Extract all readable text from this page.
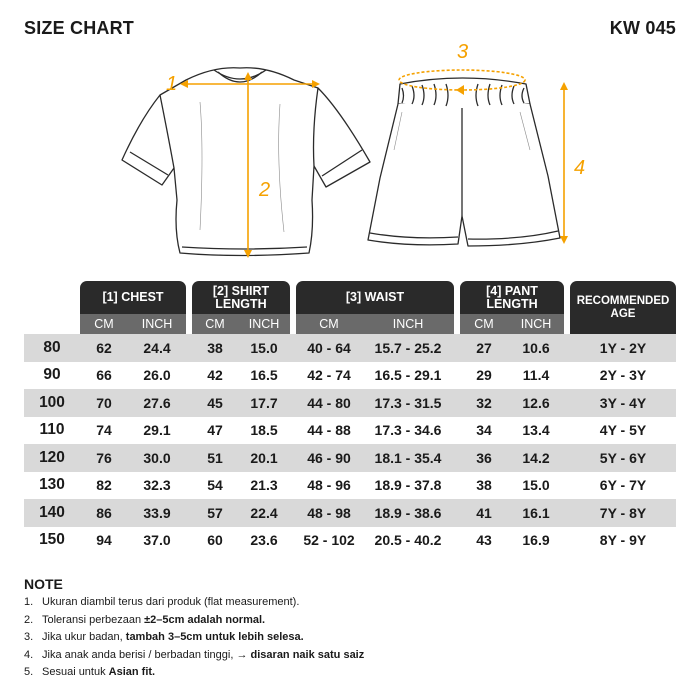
SIZE CHART	KW 045
1
2
3
4
	[1] CHEST			[2] SHIRT
LENGTH			[3] WAIST			[4] PANT
LENGTH			RECOMMENDED
AGE
	CM	INCH		CM	INCH		CM	INCH		CM	INCH		
80	62	24.4		38	15.0		40 - 64	15.7 - 25.2		27	10.6		1Y - 2Y
90	66	26.0		42	16.5		42 - 74	16.5 - 29.1		29	11.4		2Y - 3Y
100	70	27.6		45	17.7		44 - 80	17.3 - 31.5		32	12.6		3Y - 4Y
110	74	29.1		47	18.5		44 - 88	17.3 - 34.6		34	13.4		4Y - 5Y
120	76	30.0		51	20.1		46 - 90	18.1 - 35.4		36	14.2		5Y - 6Y
130	82	32.3		54	21.3		48 - 96	18.9 - 37.8		38	15.0		6Y - 7Y
140	86	33.9		57	22.4		48 - 98	18.9 - 38.6		41	16.1		7Y - 8Y
150	94	37.0		60	23.6		52 - 102	20.5 - 40.2		43	16.9		8Y - 9Y
NOTE
1. Ukuran diambil terus dari produk (flat measurement).
2. Toleransi perbezaan ±2–5cm adalah normal.
3. Jika ukur badan, tambah 3–5cm untuk lebih selesa.
4. Jika anak anda berisi / berbadan tinggi, → disaran naik satu saiz
5. Sesuai untuk Asian fit.
